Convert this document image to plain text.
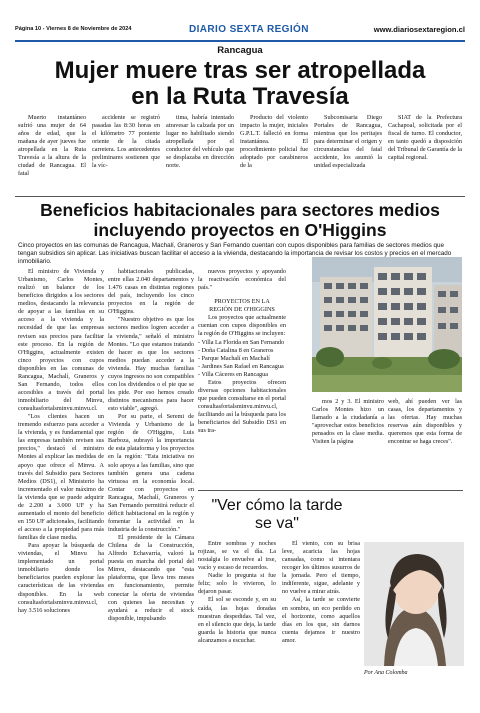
Página 10 - Viernes 8 de Noviembre de 2024	DIARIO SEXTA REGIÓN	www.diariosextaregion.cl
Rancagua
Mujer muere tras ser atropellada
en la Ruta Travesía

Muerto instantáneo sufrió una mujer de 64 años de edad, que la mañana de ayer jueves fue atropellada en la Ruta Travesía a la altura de la ciudad de Rancagua. El fatal

accidente se registró pasadas las 8:30 horas en el kilómetro 77 poniente oriente de la citada carretera. Los antecedentes preliminares sostienen que la víc-

tima, habría intentado atravesar la calzada por un lugar no habilitado siendo atropellada por el conductor del vehículo que se desplazaba en dirección norte.

Producto del violento impacto la mujer, iniciales G.P.L.T. falleció en forma instantánea. El procedimiento policial fue adoptado por carabineros de la

Subcomisaria Diego Portales de Rancagua, mientras que los peritajes para determinar el origen y circunstancias del fatal accidente, los asumió la unidad especializada

SIAT de la Prefectura Cachapoal, solicitada por el fiscal de turno. El conductor, en tanto quedó a disposición del Tribunal de Garantía de la capital regional.

Beneficios habitacionales para sectores medios
incluyendo proyectos en O'Higgins
Cinco proyectos en las comunas de Rancagua, Machalí, Graneros y San Fernando cuentan con cupos disponibles para familias de sectores medios que tengan subsidios sin aplicar. Las iniciativas buscan facilitar el acceso a la vivienda, destacando la importancia de revisar los costos y precios en el mercado inmobiliario.

El ministro de Vivienda y Urbanismo, Carlos Montes, realizó un balance de los beneficios dirigidos a los sectores medios, destacando la relevancia de apoyar a las familias en su acceso a la vivienda y la necesidad de que las empresas revisen sus precios para facilitar este proceso. En la región de O'Higgins, actualmente existen cinco proyectos con cupos disponibles en las comunas de Rancagua, Machalí, Graneros y San Fernando, todos ellos accesibles a través del portal inmobiliario del Minvu, consultasfortalsminvu.minvu.cl.

"Los clientes hacen un tremendo esfuerzo para acceder a la vivienda, y es fundamental que las empresas también revisen sus precios," destacó el ministro Montes al explicar las medidas de apoyo que ofrece el Minvu. A través del Subsidio para Sectores Medios (DS1), el Ministerio ha incrementado el valor máximo de la vivienda que se puede adquirir de 2.200 a 3.000 UF y ha aumentado el monto del beneficio en 150 UF adicionales, facilitando el acceso a la propiedad para más familias de clase media.

Para apoyar la búsqueda de viviendas, el Minvu ha implementado un portal inmobiliario donde los beneficiarios pueden explorar las características de las viviendas disponibles. En la web consultasfortalsminvu.minvu.cl, hay 3.516 soluciones

habitacionales publicadas, entre ellas 2.040 departamentos y 1.476 casas en distintas regiones del país, incluyendo los cinco proyectos en la región de O'Higgins.

"Nuestro objetivo es que los sectores medios logren acceder a la vivienda," señaló el ministro Montes. "Lo que estamos tratando de hacer es que los sectores medios puedan acceder a la vivienda. Hay muchas familias cuyos ingresos no son compatibles con los dividendos o el pie que se les pide. Por eso hemos creado distintos mecanismos para hacer esto viable", agregó.

Por su parte, el Seremi de Vivienda y Urbanismo de la región de O'Higgins, Luis Barboza, subrayó la importancia de esta plataforma y los proyectos en la región: "Esta iniciativa no solo apoya a las familias, sino que también genera una cadena virtuosa en la economía local. Contar con proyectos en Rancagua, Machalí, Graneros y San Fernando permitirá reducir el déficit habitacional en la región y fomentar la actividad en la industria de la construcción."

El presidente de la Cámara Chilena de la Construcción, Alfredo Echavarría, valoró la puesta en marcha del portal del Minvu, destacando que "esta plataforma, que lleva tres meses en funcionamiento, permite conectar la oferta de viviendas con quienes las necesitan y ayudará a reducir el stock disponible, impulsando

nuevos proyectos y apoyando la reactivación económica del país."

PROYECTOS EN LA
REGIÓN DE O'HIGGINS

Los proyectos que actualmente cuentan con cupos disponibles en la región de O'Higgins se incluyen:

- Villa La Florida en San Fernando
- Doña Catalina 8 en Graneros
- Parque Machalí en Machalí
- Jardines San Rafael en Rancagua
- Villa Cáceres en Rancagua

Estos proyectos ofrecen diversas opciones habitacionales que pueden consultarse en el portal consultasfortalsminvu.minvu.cl, facilitando así la búsqueda para los beneficiarios del Subsidio DS1 en sus tra-

mos 2 y 3. El ministro Carlos Montes hizo un llamado a la ciudadanía a "aprovechar estos beneficios pensados en la clase media. Visiten la página

web, ahí pueden ver las casas, los departamentos y las ofertas. Hay muchas reservas aún disponibles y queremos que esta forma de encontrar se haga creces".

"Ver cómo la tarde
se va"

Entre sombras y noches rojizas, se va el día. La nostalgia lo envuelve al irse, vacío y escaso de recuerdos.

Nadie lo pregunta si fue feliz; solo lo vivieron, lo dejaron pasar.

El sol se esconde y, en su caída, las hojas doradas muestran despedidas. Tal vez, en el silencio que deja, la tarde guarda la historia que nunca alcanzamos a escuchar.

El viento, con su brisa leve, acaricia las hojas cansadas, como si intentara recoger los últimos susurros de la jornada. Pero el tiempo, indiferente, sigue, adelante y no vuelve a mirar atrás.

Así, la tarde se convierte en sombra, un eco perdido en el horizonte, como aquellos días en los que, sin darnos cuenta dejamos ir nuestro amor.

Por Ana Colomba
